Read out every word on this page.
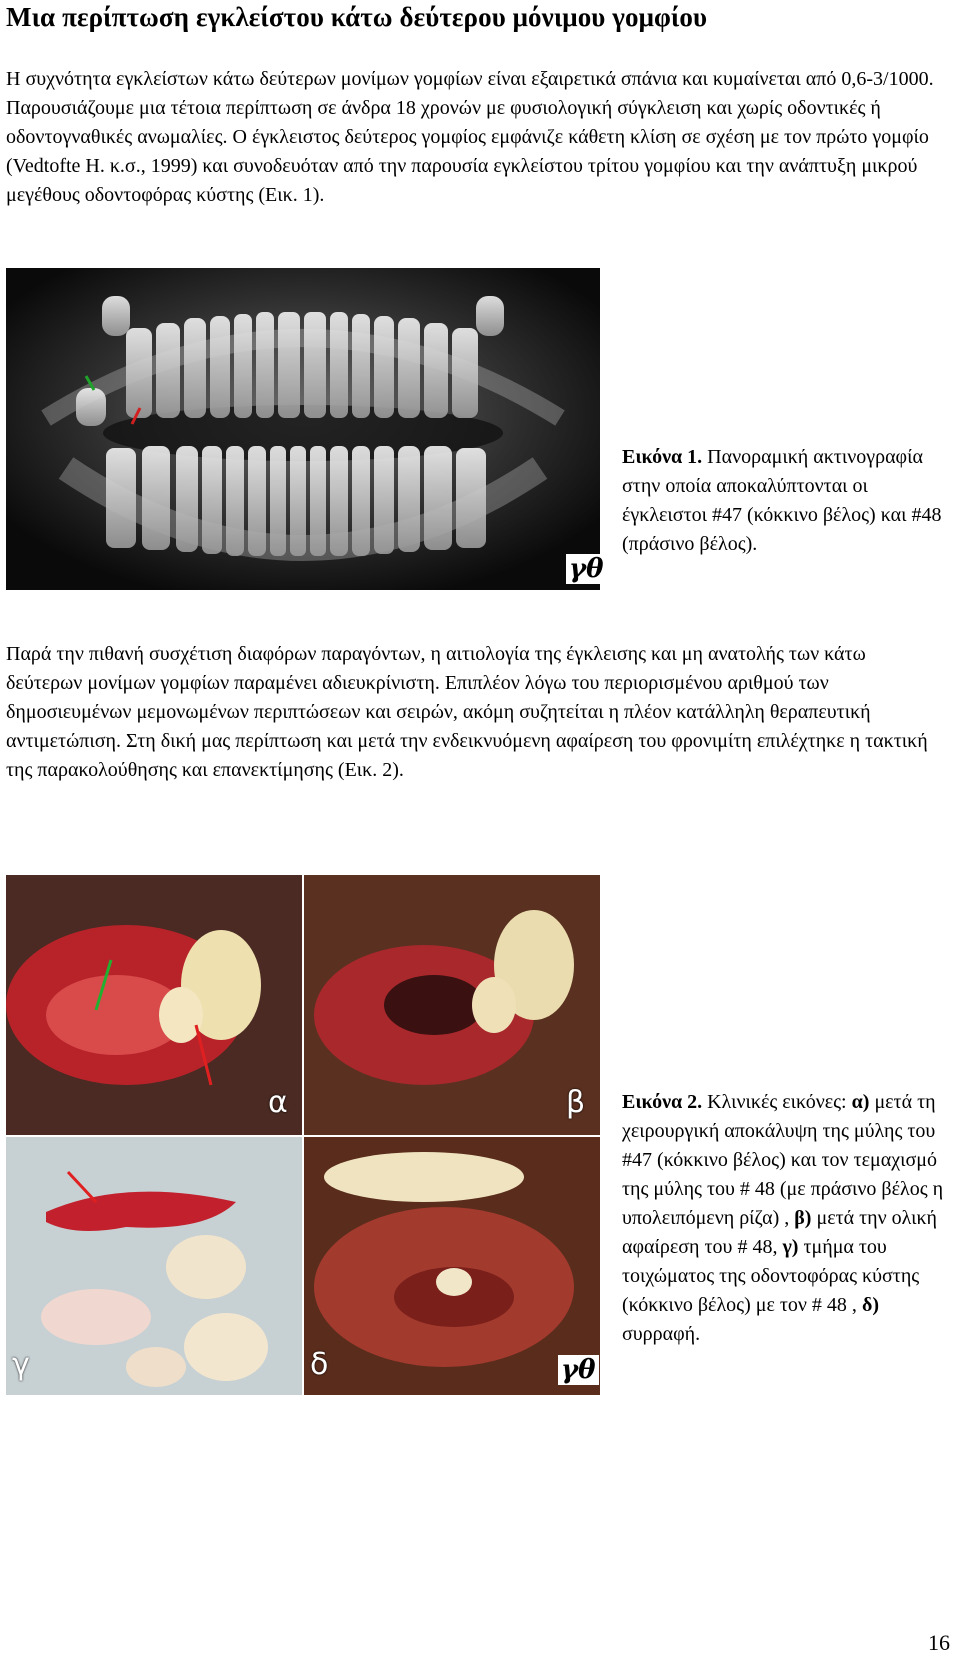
Μια περίπτωση εγκλείστου κάτω δεύτερου μόνιμου γομφίου

Η συχνότητα εγκλείστων κάτω δεύτερων μονίμων γομφίων είναι εξαιρετικά σπάνια και κυμαίνεται από 0,6-3/1000. Παρουσιάζουμε μια τέτοια περίπτωση σε άνδρα 18 χρονών με φυσιολογική σύγκλειση και χωρίς οδοντικές ή οδοντογναθικές ανωμαλίες. Ο έγκλειστος δεύτερος γομφίος εμφάνιζε κάθετη κλίση σε σχέση με τον πρώτο γομφίο (Vedtofte H. κ.σ., 1999) και συνοδευόταν από την παρουσία εγκλείστου τρίτου γομφίου και την ανάπτυξη μικρού μεγέθους οδοντοφόρας κύστης (Εικ. 1).

γθ

Εικόνα 1. Πανοραμική ακτινογραφία στην οποία αποκαλύπτονται οι έγκλειστοι #47 (κόκκινο βέλος) και #48 (πράσινο βέλος).

Παρά την πιθανή συσχέτιση διαφόρων παραγόντων, η αιτιολογία της έγκλεισης και μη ανατολής των κάτω δεύτερων μονίμων γομφίων παραμένει αδιευκρίνιστη. Επιπλέον λόγω του περιορισμένου αριθμού των δημοσιευμένων μεμονωμένων περιπτώσεων και σειρών, ακόμη συζητείται η πλέον κατάλληλη θεραπευτική αντιμετώπιση. Στη δική μας περίπτωση και μετά την ενδεικνυόμενη αφαίρεση του φρονιμίτη επιλέχτηκε η τακτική της παρακολούθησης και επανεκτίμησης (Εικ. 2).

α	β
γ	δ	γθ

Εικόνα 2. Κλινικές εικόνες: α) μετά τη χειρουργική αποκάλυψη της μύλης του #47 (κόκκινο βέλος) και τον τεμαχισμό της μύλης του # 48 (με πράσινο βέλος η υπολειπόμενη ρίζα) , β) μετά την ολική αφαίρεση του # 48, γ) τμήμα του τοιχώματος της οδοντοφόρας κύστης (κόκκινο βέλος) με τον # 48 , δ) συρραφή.

16
